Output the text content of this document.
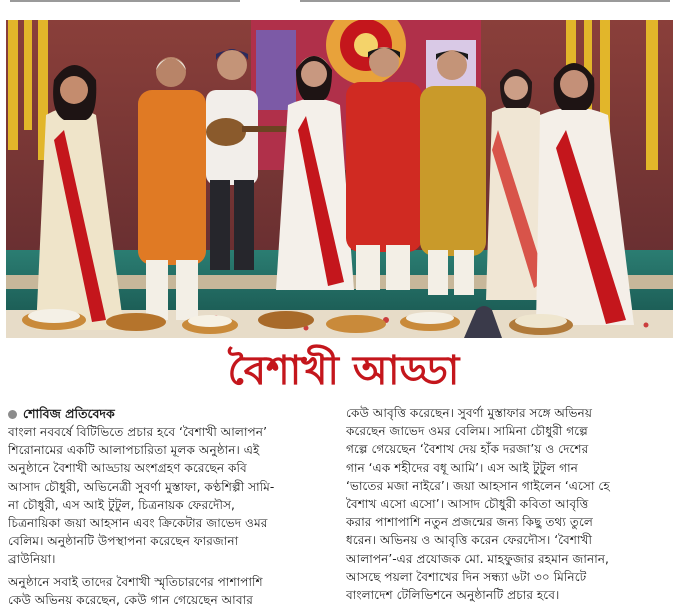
বৈশাখী আড্ডা
শোবিজ প্রতিবেদক
বাংলা নববর্ষে বিটিভিতে প্রচার হবে ‘বৈশাখী আলাপন’
শিরোনামের একটি আলাপচারিতা মূলক অনুষ্ঠান। এই
অনুষ্ঠানে বৈশাখী আড্ডায় অংশগ্রহণ করেছেন কবি
আসাদ চৌধুরী, অভিনেত্রী সুবর্ণা মুস্তাফা, কণ্ঠশিল্পী সামি-
না চৌধুরী, এস আই টুটুল, চিত্রনায়ক ফেরদৌস,
চিত্রনায়িকা জয়া আহসান এবং ক্রিকেটার জাভেদ ওমর
বেলিম। অনুষ্ঠানটি উপস্থাপনা করেছেন ফারজানা
ব্রাউনিয়া।
অনুষ্ঠানে সবাই তাদের বৈশাখী স্মৃতিচারণের পাশাপাশি
কেউ অভিনয় করেছেন, কেউ গান গেয়েছেন আবার
কেউ আবৃত্তি করেছেন। সুবর্ণা মুস্তাফার সঙ্গে অভিনয়
করেছেন জাভেদ ওমর বেলিম। সামিনা চৌধুরী গল্পে
গল্পে গেয়েছেন ‘বৈশাখ দেয় হাঁক দরজা’য় ও দেশের
গান ‘এক শহীদের বধূ আমি’। এস আই টুটুল গান
‘ভাতের মজা নাইরে’। জয়া আহসান গাইলেন ‘এসো হে
বৈশাখ এসো এসো’। আসাদ চৌধুরী কবিতা আবৃত্তি
করার পাশাপাশি নতুন প্রজন্মের জন্য কিছু তথ্য তুলে
ধরেন। অভিনয় ও আবৃত্তি করেন ফেরদৌস। ‘বৈশাখী
আলাপন’-এর প্রযোজক মো. মাহফুজার রহমান জানান,
আসছে পয়লা বৈশাখের দিন সন্ধ্যা ৬টা ৩০ মিনিটে
বাংলাদেশ টেলিভিশনে অনুষ্ঠানটি প্রচার হবে।
